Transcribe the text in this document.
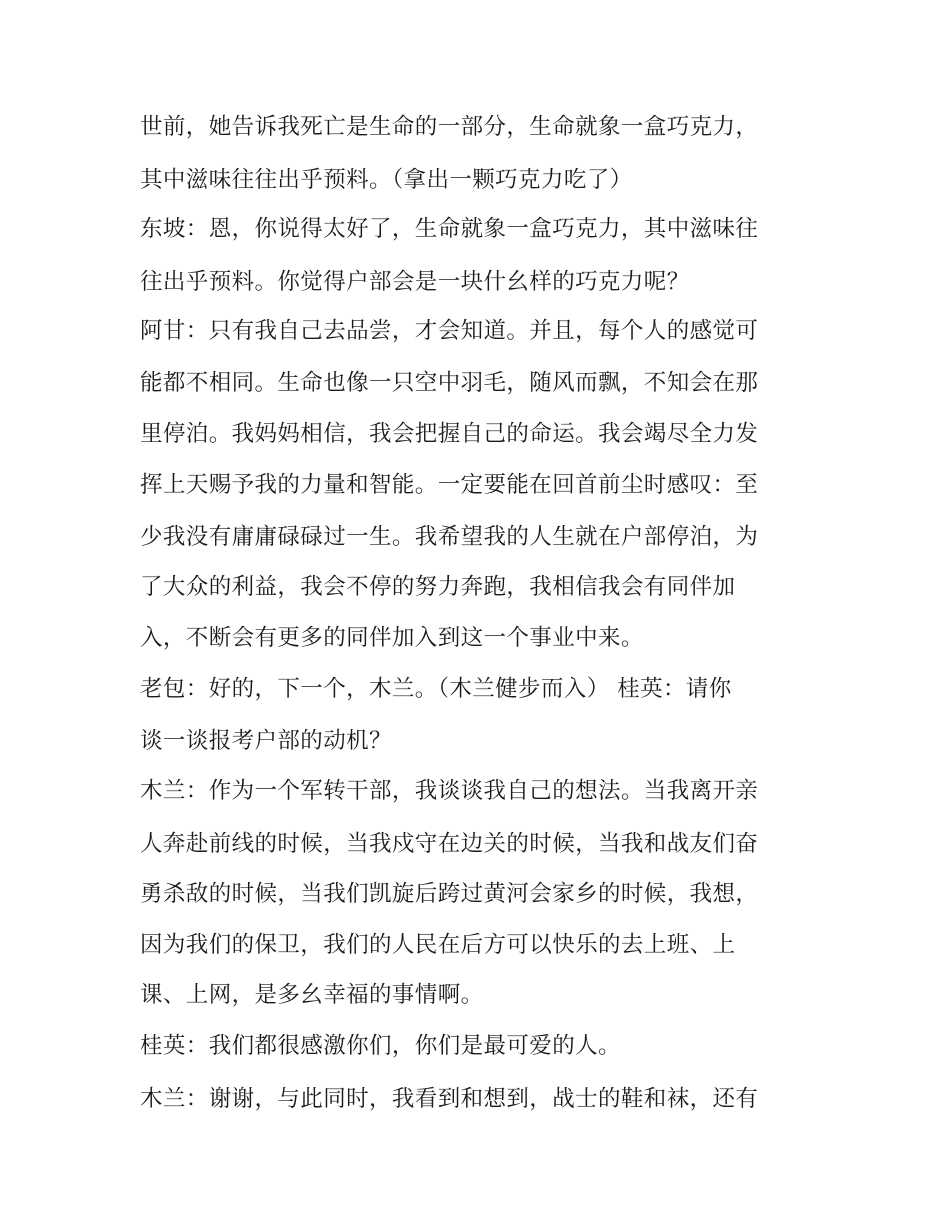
世前，她告诉我死亡是生命的一部分，生命就象一盒巧克力，
其中滋味往往出乎预料。（拿出一颗巧克力吃了）
东坡：恩，你说得太好了，生命就象一盒巧克力，其中滋味往
往出乎预料。你觉得户部会是一块什幺样的巧克力呢？
阿甘：只有我自己去品尝，才会知道。并且，每个人的感觉可
能都不相同。生命也像一只空中羽毛，随风而飘，不知会在那
里停泊。我妈妈相信，我会把握自己的命运。我会竭尽全力发
挥上天赐予我的力量和智能。一定要能在回首前尘时感叹：至
少我没有庸庸碌碌过一生。我希望我的人生就在户部停泊，为
了大众的利益，我会不停的努力奔跑，我相信我会有同伴加
入，不断会有更多的同伴加入到这一个事业中来。
老包：好的，下一个，木兰。（木兰健步而入） 桂英：请你
谈一谈报考户部的动机？
木兰：作为一个军转干部，我谈谈我自己的想法。当我离开亲
人奔赴前线的时候，当我戍守在边关的时候，当我和战友们奋
勇杀敌的时候，当我们凯旋后跨过黄河会家乡的时候，我想，
因为我们的保卫，我们的人民在后方可以快乐的去上班、上
课、上网，是多幺幸福的事情啊。
桂英：我们都很感激你们，你们是最可爱的人。
木兰：谢谢，与此同时，我看到和想到，战士的鞋和袜，还有
